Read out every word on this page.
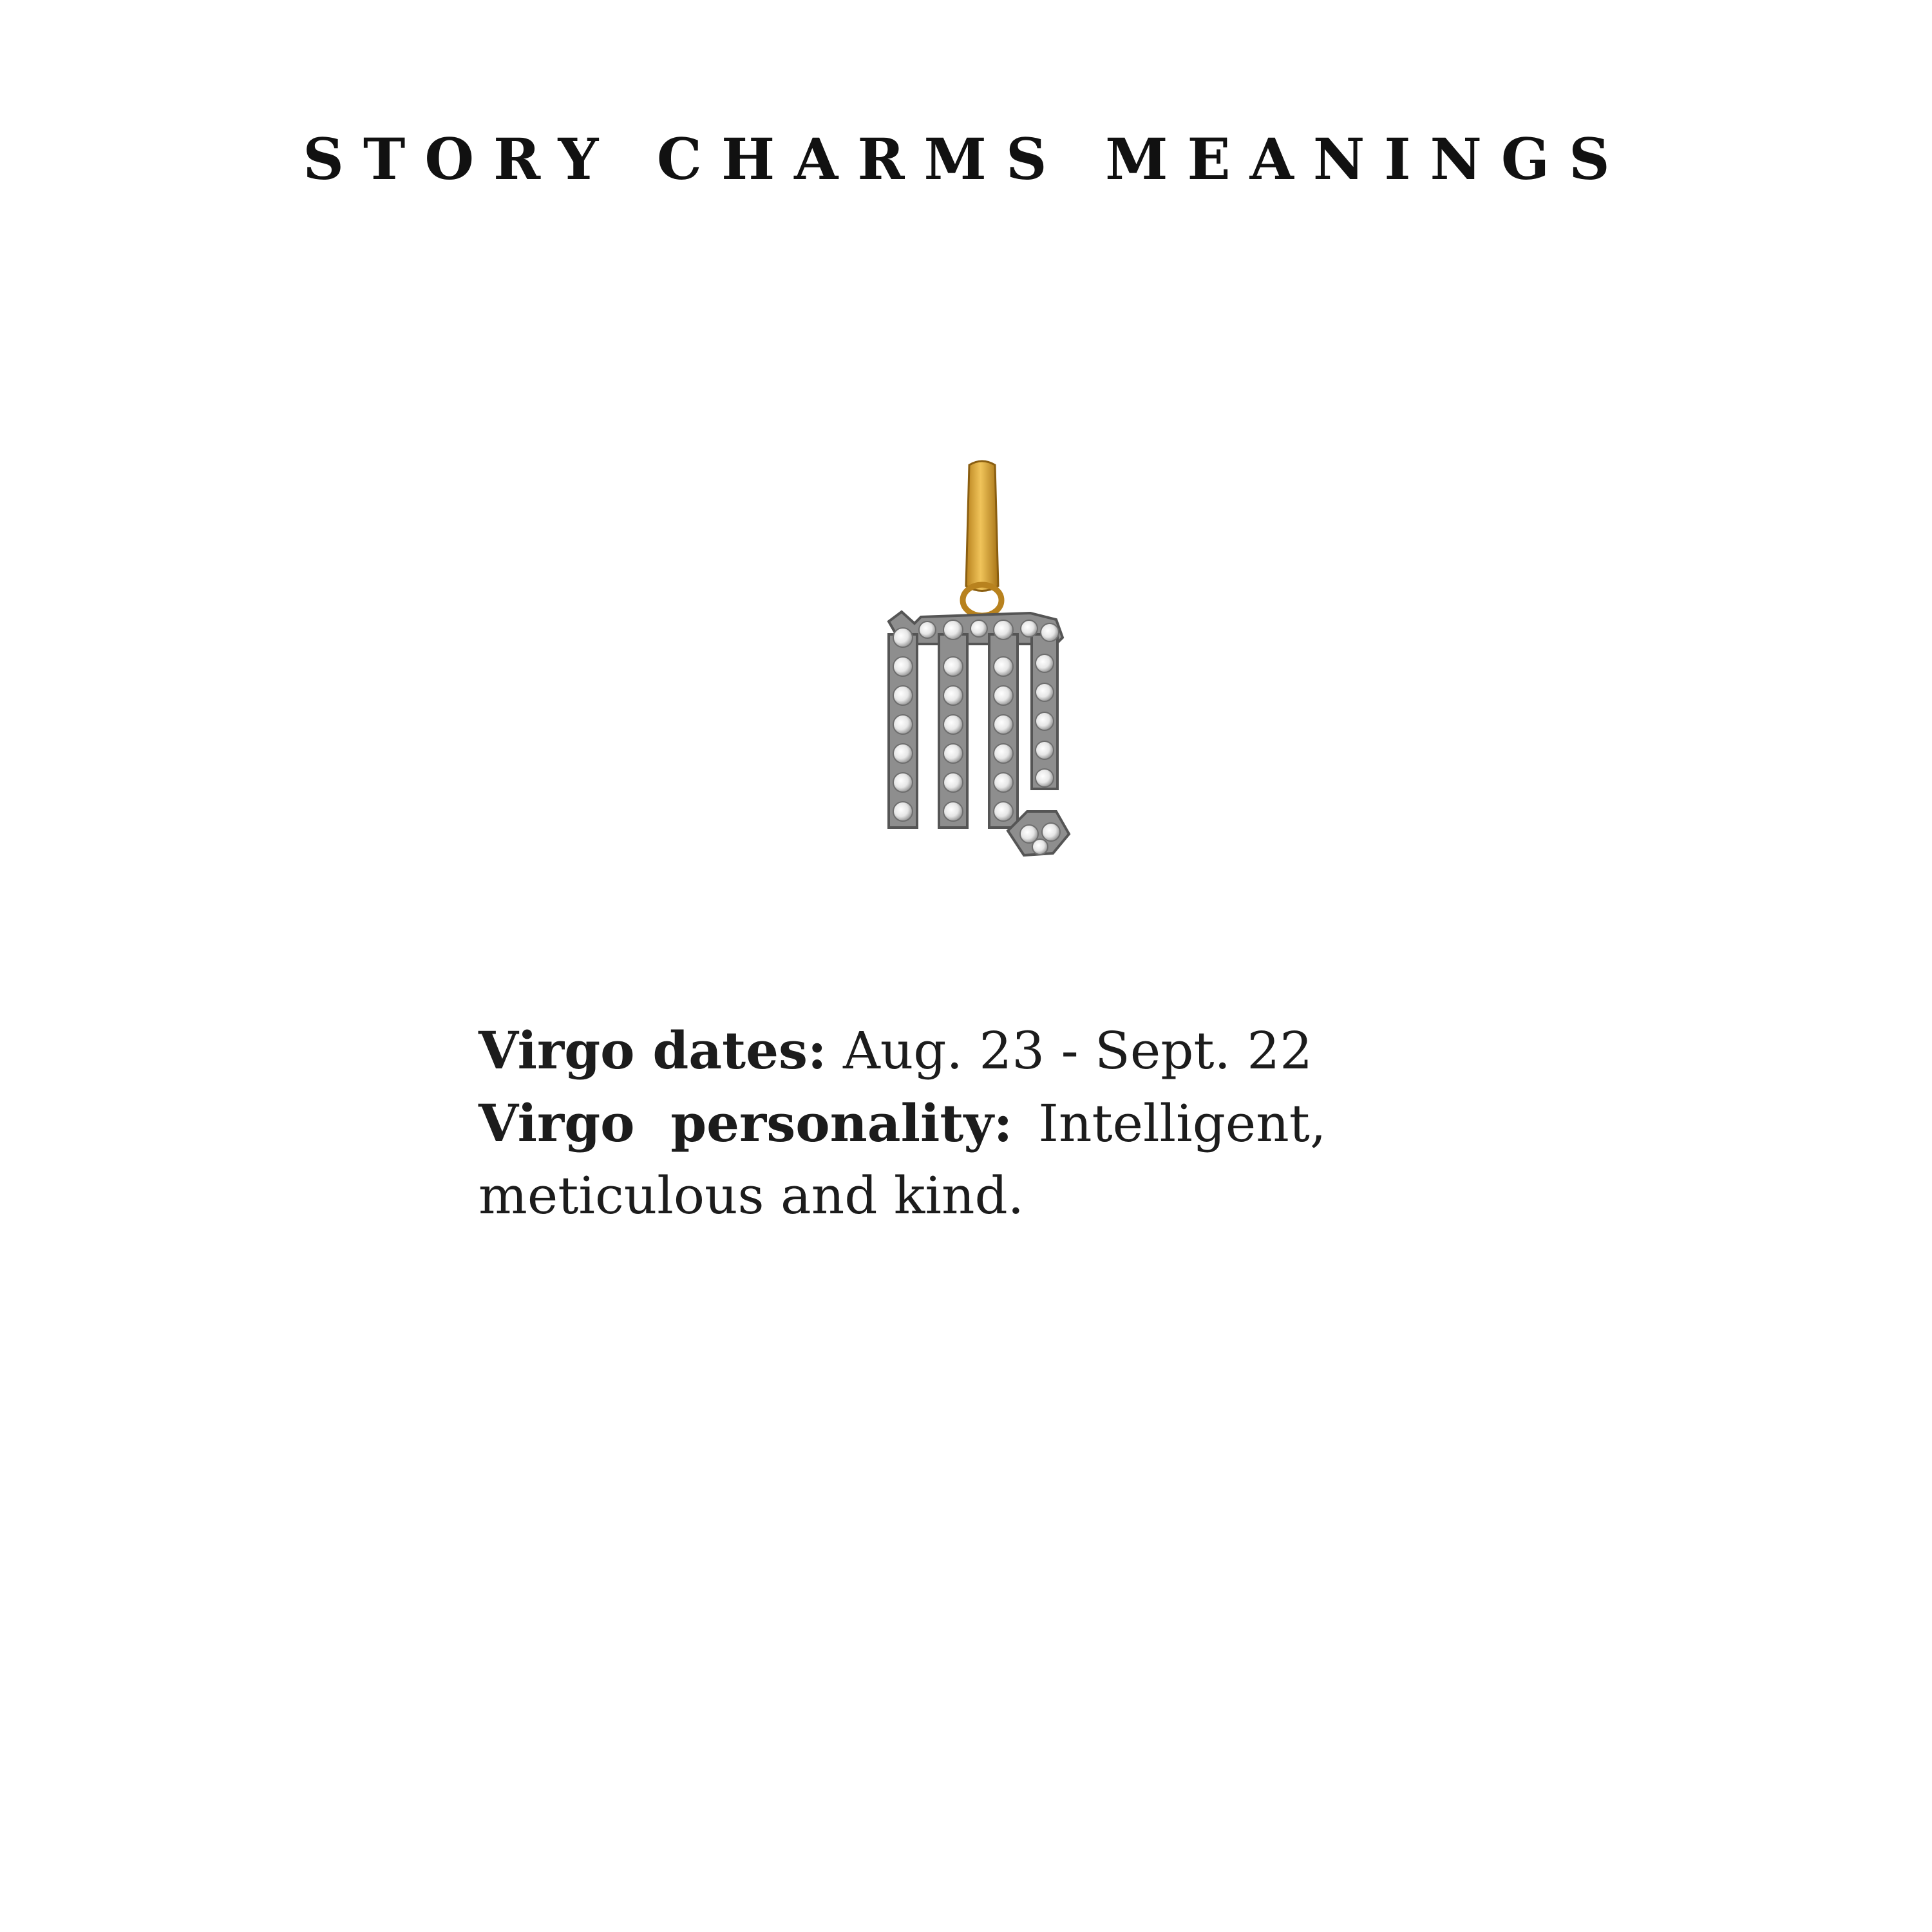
STORY CHARMS MEANINGS
Virgo dates: Aug. 23 - Sept. 22
Virgo  personality: Intelligent,
meticulous and kind.
